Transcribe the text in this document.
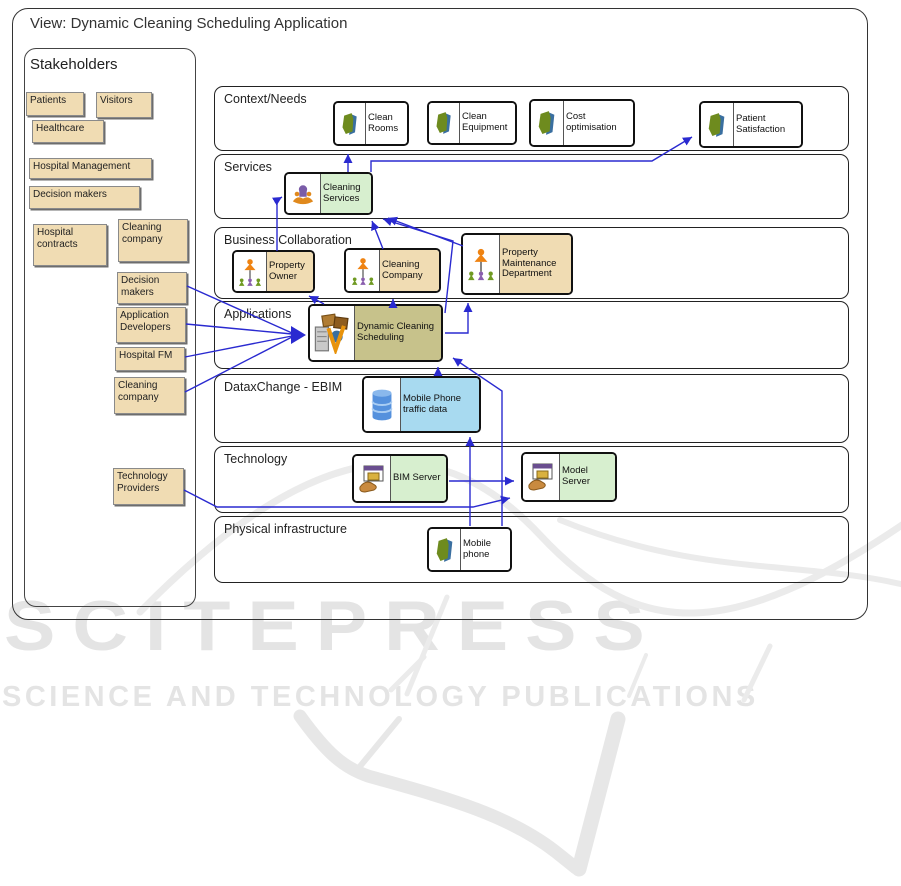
SCITEPRESS
SCIENCE AND TECHNOLOGY PUBLICATIONS
View: Dynamic Cleaning Scheduling Application
Stakeholders
Patients	Visitors
Healthcare
Hospital Management
Decision makers
Hospital contracts
Cleaning company
Decision makers
Application Developers
Hospital FM
Cleaning company
Technology Providers
Context/Needs
Services
Business Collaboration
Applications
DataxChange - EBIM
Technology
Physical infrastructure
Clean Rooms
Clean Equipment
Cost optimisation
Patient Satisfaction
Cleaning Services
Property Owner
Cleaning Company
Property Maintenance Department
Dynamic Cleaning Scheduling
Mobile Phone traffic data
BIM Server
Model Server
Mobile phone
